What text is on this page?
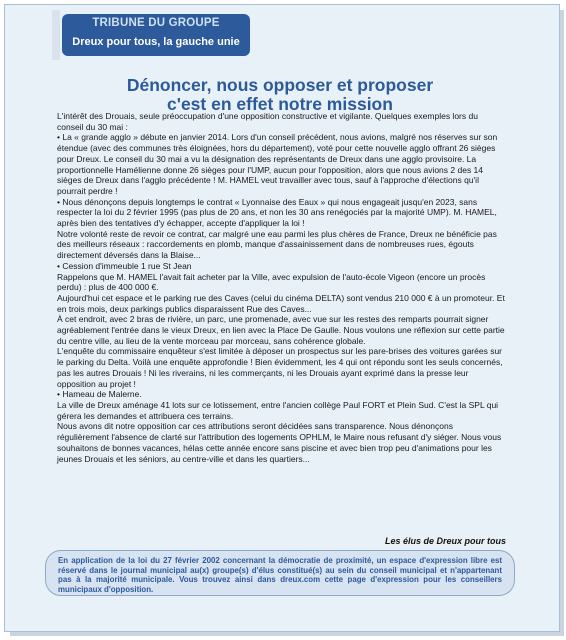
TRIBUNE DU GROUPE
Dreux pour tous, la gauche unie
Dénoncer, nous opposer et proposer
c'est en effet notre mission

L'intérêt des Drouais, seule préoccupation d'une opposition constructive et vigilante. Quelques exemples lors du conseil du 30 mai :

• La « grande agglo » débute en janvier 2014. Lors d'un conseil précédent, nous avions, malgré nos réserves sur son étendue (avec des communes très éloignées, hors du département), voté pour cette nouvelle agglo offrant 26 sièges pour Dreux. Le conseil du 30 mai a vu la désignation des représentants de Dreux dans une agglo provisoire. La proportionnelle Hamélienne donne 26 sièges pour l'UMP, aucun pour l'opposition, alors que nous avions 2 des 14 sièges de Dreux dans l'agglo précédente ! M. HAMEL veut travailler avec tous, sauf à l'approche d'élections qu'il pourrait perdre !

• Nous dénonçons depuis longtemps le contrat « Lyonnaise des Eaux » qui nous engageait jusqu'en 2023, sans respecter la loi du 2 février 1995 (pas plus de 20 ans, et non les 30 ans renégociés par la majorité UMP). M. HAMEL, après bien des tentatives d'y échapper, accepte d'appliquer la loi !

Notre volonté reste de revoir ce contrat, car malgré une eau parmi les plus chères de France, Dreux ne bénéficie pas des meilleurs réseaux : raccordements en plomb, manque d'assainissement dans de nombreuses rues, égouts directement déversés dans la Blaise...

• Cession d'immeuble 1 rue St Jean

Rappelons que M. HAMEL l'avait fait acheter par la Ville, avec expulsion de l'auto-école Vigeon (encore un procès perdu) : plus de 400 000 €.

Aujourd'hui cet espace et le parking rue des Caves (celui du cinéma DELTA) sont vendus 210 000 € à un promoteur. Et en trois mois, deux parkings publics disparaissent Rue des Caves...

À cet endroit, avec 2 bras de rivière, un parc, une promenade, avec vue sur les restes des remparts pourrait signer agréablement l'entrée dans le vieux Dreux, en lien avec la Place De Gaulle. Nous voulons une réflexion sur cette partie du centre ville, au lieu de la vente morceau par morceau, sans cohérence globale.

L'enquête du commissaire enquêteur s'est limitée à déposer un prospectus sur les pare-brises des voitures garées sur le parking du Delta. Voilà une enquête approfondie ! Bien évidemment, les 4 qui ont répondu sont les seuls concernés, pas les autres Drouais ! Ni les riverains, ni les commerçants, ni les Drouais ayant exprimé dans la presse leur opposition au projet !

• Hameau de Malerne.

La ville de Dreux aménage 41 lots sur ce lotissement, entre l'ancien collège Paul FORT et Plein Sud. C'est la SPL qui gérera les demandes et attribuera ces terrains.

Nous avons dit notre opposition car ces attributions seront décidées sans transparence. Nous dénonçons régulièrement l'absence de clarté sur l'attribution des logements OPHLM, le Maire nous refusant d'y siéger. Nous vous souhaitons de bonnes vacances, hélas cette année encore sans piscine et avec bien trop peu d'animations pour les jeunes Drouais et les séniors, au centre-ville et dans les quartiers...

Les élus de Dreux pour tous

En application de la loi du 27 février 2002 concernant la démocratie de proximité, un espace d'expression libre est réservé dans le journal municipal au(x) groupe(s) d'élus constitué(s) au sein du conseil municipal et n'appartenant pas à la majorité municipale. Vous trouvez ainsi dans dreux.com cette page d'expression pour les conseillers municipaux d'opposition.
